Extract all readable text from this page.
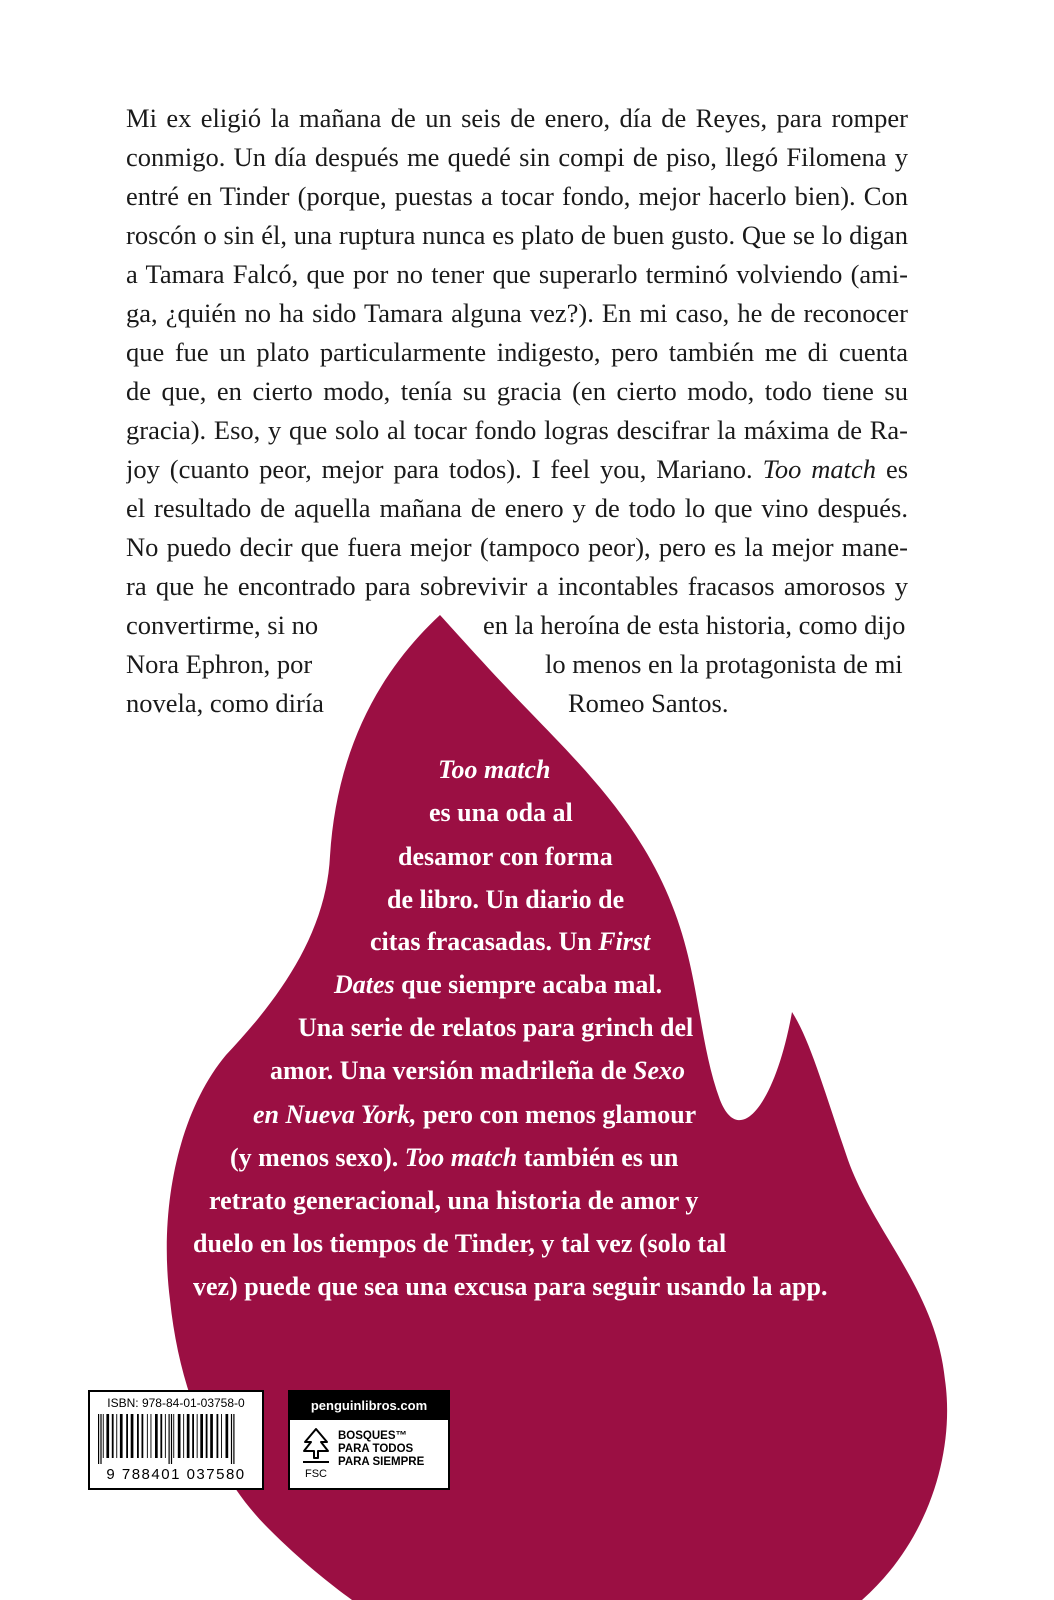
Mi ex eligió la mañana de un seis de enero, día de Reyes, para romper
conmigo. Un día después me quedé sin compi de piso, llegó Filomena y
entré en Tinder (porque, puestas a tocar fondo, mejor hacerlo bien). Con
roscón o sin él, una ruptura nunca es plato de buen gusto. Que se lo digan
a Tamara Falcó, que por no tener que superarlo terminó volviendo (ami-
ga, ¿quién no ha sido Tamara alguna vez?). En mi caso, he de reconocer
que fue un plato particularmente indigesto, pero también me di cuenta
de que, en cierto modo, tenía su gracia (en cierto modo, todo tiene su
gracia). Eso, y que solo al tocar fondo logras descifrar la máxima de Ra-
joy (cuanto peor, mejor para todos). I feel you, Mariano. Too match es
el resultado de aquella mañana de enero y de todo lo que vino después.
No puedo decir que fuera mejor (tampoco peor), pero es la mejor mane-
ra que he encontrado para sobrevivir a incontables fracasos amorosos y
convertirme, si no	en la heroína de esta historia, como dijo
Nora Ephron, por	lo menos en la protagonista de mi
novela, como diría	Romeo Santos.
Too match
es una oda al
desamor con forma
de libro. Un diario de
citas fracasadas. Un First
Dates que siempre acaba mal.
Una serie de relatos para grinch del
amor. Una versión madrileña de Sexo
en Nueva York, pero con menos glamour
(y menos sexo). Too match también es un
retrato generacional, una historia de amor y
duelo en los tiempos de Tinder, y tal vez (solo tal
vez) puede que sea una excusa para seguir usando la app.
ISBN: 978-84-01-03758-0
9 788401 037580
penguinlibros.com
FSC
BOSQUES™
PARA TODOS
PARA SIEMPRE
